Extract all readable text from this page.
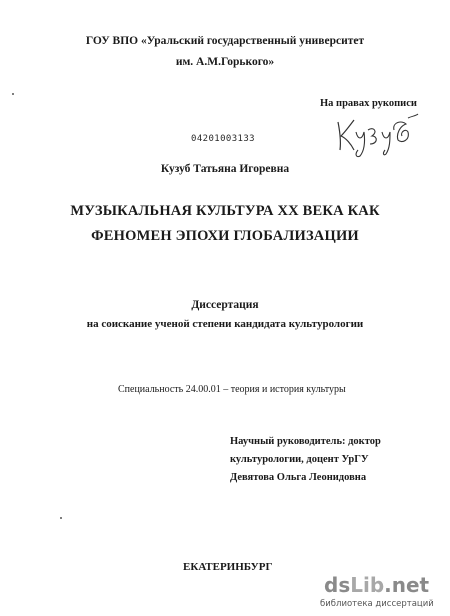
ГОУ ВПО «Уральский государственный университет
им. А.М.Горького»
На правах рукописи
04201003133
Кузуб Татьяна Игоревна
МУЗЫКАЛЬНАЯ КУЛЬТУРА XX ВЕКА КАК
ФЕНОМЕН ЭПОХИ ГЛОБАЛИЗАЦИИ
Диссертация
на соискание ученой степени кандидата культурологии
Специальность 24.00.01 – теория и история культуры
Научный руководитель: доктор
культурологии, доцент УрГУ
Девятова Ольга Леонидовна
ЕКАТЕРИНБУРГ
dsLib.net
библиотека диссертаций
